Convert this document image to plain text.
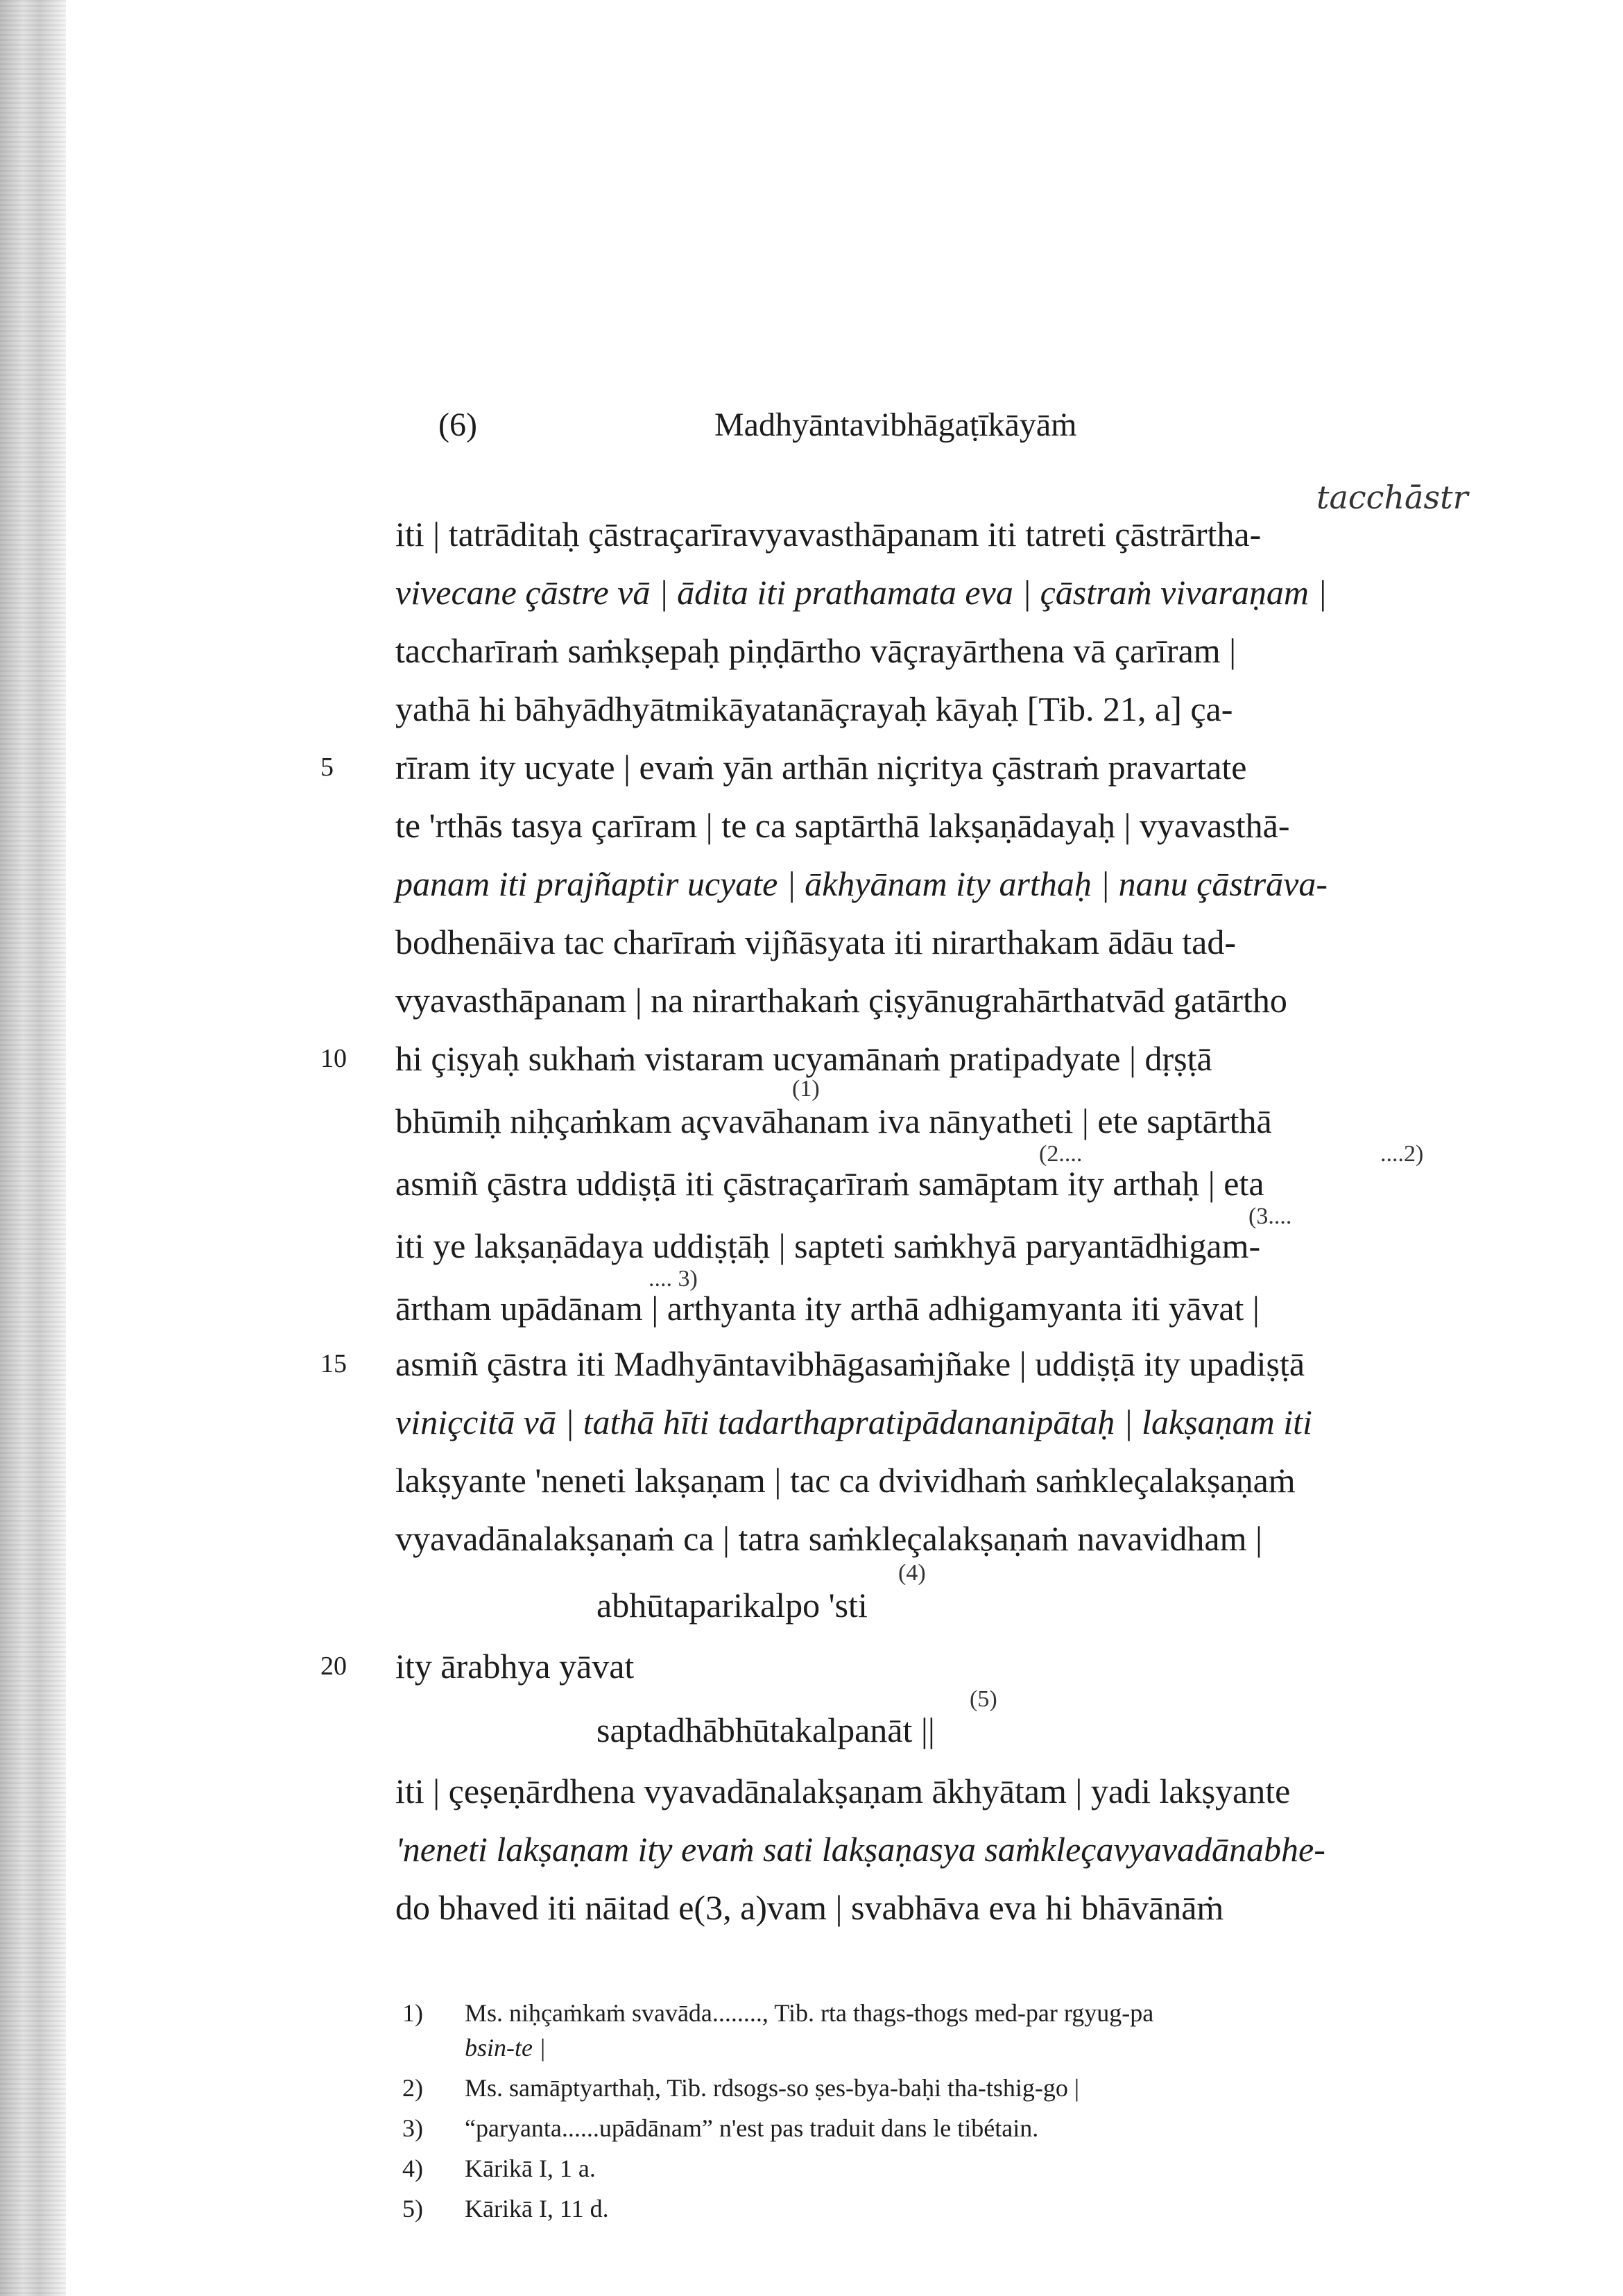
(6)	Madhyāntavibhāgaṭīkāyāṁ
tacchāstr
iti | tatrāditaḥ çāstraçarīravyavasthāpanam iti tatreti çāstrārtha-
vivecane çāstre vā | ādita iti prathamata eva | çāstraṁ vivaraṇam |
taccharīraṁ saṁkṣepaḥ piṇḍārtho vāçrayārthena vā çarīram |
yathā hi bāhyādhyātmikāyatanāçrayaḥ kāyaḥ [Tib. 21, a] ça-
rīram ity ucyate | evaṁ yān arthān niçritya çāstraṁ pravartate
te 'rthās tasya çarīram | te ca saptārthā lakṣaṇādayaḥ | vyavasthā-
panam iti prajñaptir ucyate | ākhyānam ity arthaḥ | nanu çāstrāva-
bodhenāiva tac charīraṁ vijñāsyata iti nirarthakam ādāu tad-
vyavasthāpanam | na nirarthakaṁ çiṣyānugrahārthatvād gatārtho
hi çiṣyaḥ sukhaṁ vistaram ucyamānaṁ pratipadyate | dṛṣṭā
bhūmiḥ niḥçaṁkam açvavāhanam iva nānyatheti | ete saptārthā
asmiñ çāstra uddiṣṭā iti çāstraçarīraṁ samāptam ity arthaḥ | eta
iti ye lakṣaṇādaya uddiṣṭāḥ | sapteti saṁkhyā paryantādhigam-
ārtham upādānam | arthyanta ity arthā adhigamyanta iti yāvat |
asmiñ çāstra iti Madhyāntavibhāgasaṁjñake | uddiṣṭā ity upadiṣṭā
viniçcitā vā | tathā hīti tadarthapratipādananipātaḥ | lakṣaṇam iti
lakṣyante 'neneti lakṣaṇam | tac ca dvividhaṁ saṁkleçalakṣaṇaṁ
vyavadānalakṣaṇaṁ ca | tatra saṁkleçalakṣaṇaṁ navavidham |
abhūtaparikalpo 'sti
ity ārabhya yāvat
saptadhābhūtakalpanāt ||
iti | çeṣeṇārdhena vyavadānalakṣaṇam ākhyātam | yadi lakṣyante
'neneti lakṣaṇam ity evaṁ sati lakṣaṇasya saṁkleçavyavadānabhe-
do bhaved iti nāitad e(3, a)vam | svabhāva eva hi bhāvānāṁ
5
10
15
20
(1)
(2....	....2)
(3....
.... 3)
(4)
(5)
1) Ms. niḥçaṁkaṁ svavāda........, Tib. rta thags-thogs med-par rgyug-pa
bsin-te |
2) Ms. samāptyarthaḥ, Tib. rdsogs-so ṣes-bya-baḥi tha-tshig-go |
3) “paryanta......upādānam” n'est pas traduit dans le tibétain.
4) Kārikā I, 1 a.
5) Kārikā I, 11 d.
